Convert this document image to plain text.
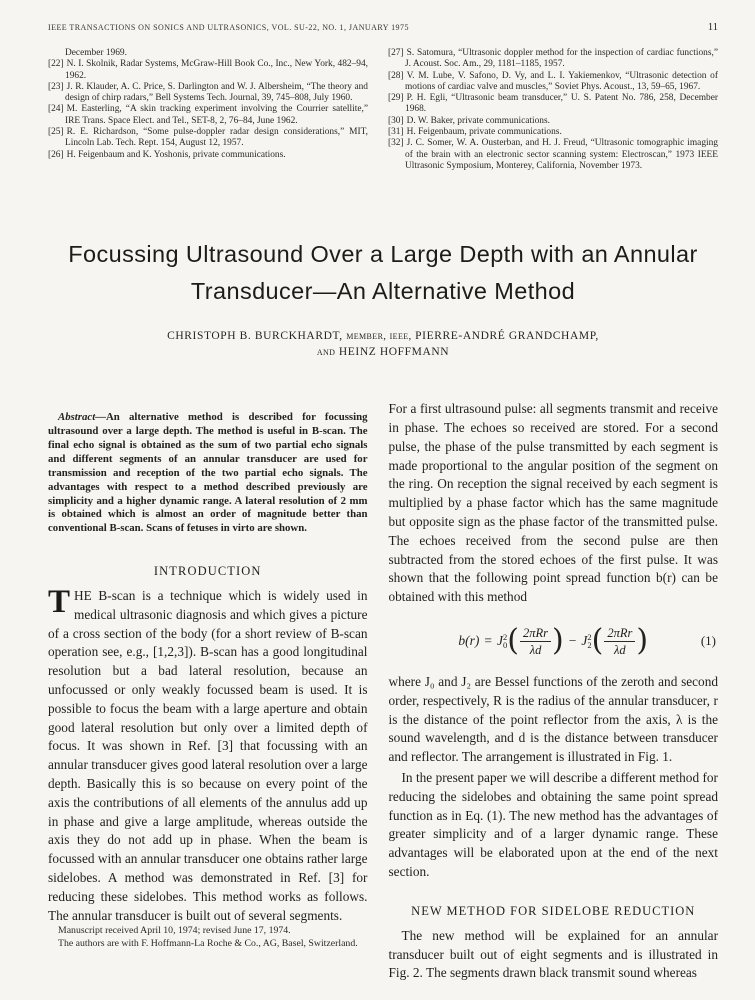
IEEE TRANSACTIONS ON SONICS AND ULTRASONICS, VOL. SU-22, NO. 1, JANUARY 1975	11
December 1969.

[22] N. I. Skolnik, Radar Systems, McGraw-Hill Book Co., Inc., New York, 482–94, 1962.

[23] J. R. Klauder, A. C. Price, S. Darlington and W. J. Albersheim, “The theory and design of chirp radars,” Bell Systems Tech. Journal, 39, 745–808, July 1960.

[24] M. Easterling, “A skin tracking experiment involving the Courrier satellite,” IRE Trans. Space Elect. and Tel., SET-8, 2, 76–84, June 1962.

[25] R. E. Richardson, “Some pulse-doppler radar design considerations,” MIT, Lincoln Lab. Tech. Rept. 154, August 12, 1957.

[26] H. Feigenbaum and K. Yoshonis, private communications.

[27] S. Satomura, “Ultrasonic doppler method for the inspection of cardiac functions,” J. Acoust. Soc. Am., 29, 1181–1185, 1957.

[28] V. M. Lube, V. Safono, D. Vy, and L. I. Yakiemenkov, “Ultrasonic detection of motions of cardiac valve and muscles,” Soviet Phys. Acoust., 13, 59–65, 1967.

[29] P. H. Egli, “Ultrasonic beam transducer,” U. S. Patent No. 786, 258, December 1968.

[30] D. W. Baker, private communications.

[31] H. Feigenbaum, private communications.

[32] J. C. Somer, W. A. Ousterban, and H. J. Freud, “Ultrasonic tomographic imaging of the brain with an electronic sector scanning system: Electroscan,” 1973 IEEE Ultrasonic Symposium, Monterey, California, November 1973.

Focussing Ultrasound Over a Large Depth with an Annular
Transducer—An Alternative Method
CHRISTOPH B. BURCKHARDT, member, ieee, PIERRE-ANDRÉ GRANDCHAMP,
and HEINZ HOFFMANN

Abstract—An alternative method is described for focussing ultrasound over a large depth. The method is useful in B-scan. The final echo signal is obtained as the sum of two partial echo signals and different segments of an annular transducer are used for transmission and reception of the two partial echo signals. The advantages with respect to a method described previously are simplicity and a higher dynamic range. A lateral resolution of 2 mm is obtained which is almost an order of magnitude better than conventional B-scan. Scans of fetuses in virto are shown.

INTRODUCTION

THE B-scan is a technique which is widely used in medical ultrasonic diagnosis and which gives a picture of a cross section of the body (for a short review of B-scan operation see, e.g., [1,2,3]). B-scan has a good longitudinal resolution but a bad lateral resolution, because an unfocussed or only weakly focussed beam is used. It is possible to focus the beam with a large aperture and obtain good lateral resolution but only over a limited depth of focus. It was shown in Ref. [3] that focussing with an annular transducer gives good lateral resolution over a large depth. Basically this is so because on every point of the axis the contributions of all elements of the annulus add up in phase and give a large amplitude, whereas outside the axis they do not add up in phase. When the beam is focussed with an annular transducer one obtains rather large sidelobes. A method was demonstrated in Ref. [3] for reducing these sidelobes. This method works as follows. The annular transducer is built out of several segments.

Manuscript received April 10, 1974; revised June 17, 1974.

The authors are with F. Hoffmann-La Roche & Co., AG, Basel, Switzerland.

For a first ultrasound pulse: all segments transmit and receive in phase. The echoes so received are stored. For a second pulse, the phase of the pulse transmitted by each segment is made proportional to the angular position of the segment on the ring. On reception the signal received by each segment is multiplied by a phase factor which has the same magnitude but opposite sign as the phase factor of the transmitted pulse. The echoes received from the second pulse are then subtracted from the stored echoes of the first pulse. It was shown that the following point spread function b(r) can be obtained with this method

b(r) = J 2
0 ( $\frac{\text{2πRr}}{\lambda d}$ ) − J 2
2 ( $\frac{\text{2πRr}}{\lambda d}$ )	(1)

where J₀ and J₂ are Bessel functions of the zeroth and second order, respectively, R is the radius of the annular transducer, r is the distance of the point reflector from the axis, λ is the sound wavelength, and d is the distance between transducer and reflector. The arrangement is illustrated in Fig. 1.

In the present paper we will describe a different method for reducing the sidelobes and obtaining the same point spread function as in Eq. (1). The new method has the advantages of greater simplicity and of a larger dynamic range. These advantages will be elaborated upon at the end of the next section.

NEW METHOD FOR SIDELOBE REDUCTION

The new method will be explained for an annular transducer built out of eight segments and is illustrated in Fig. 2. The segments drawn black transmit sound whereas
